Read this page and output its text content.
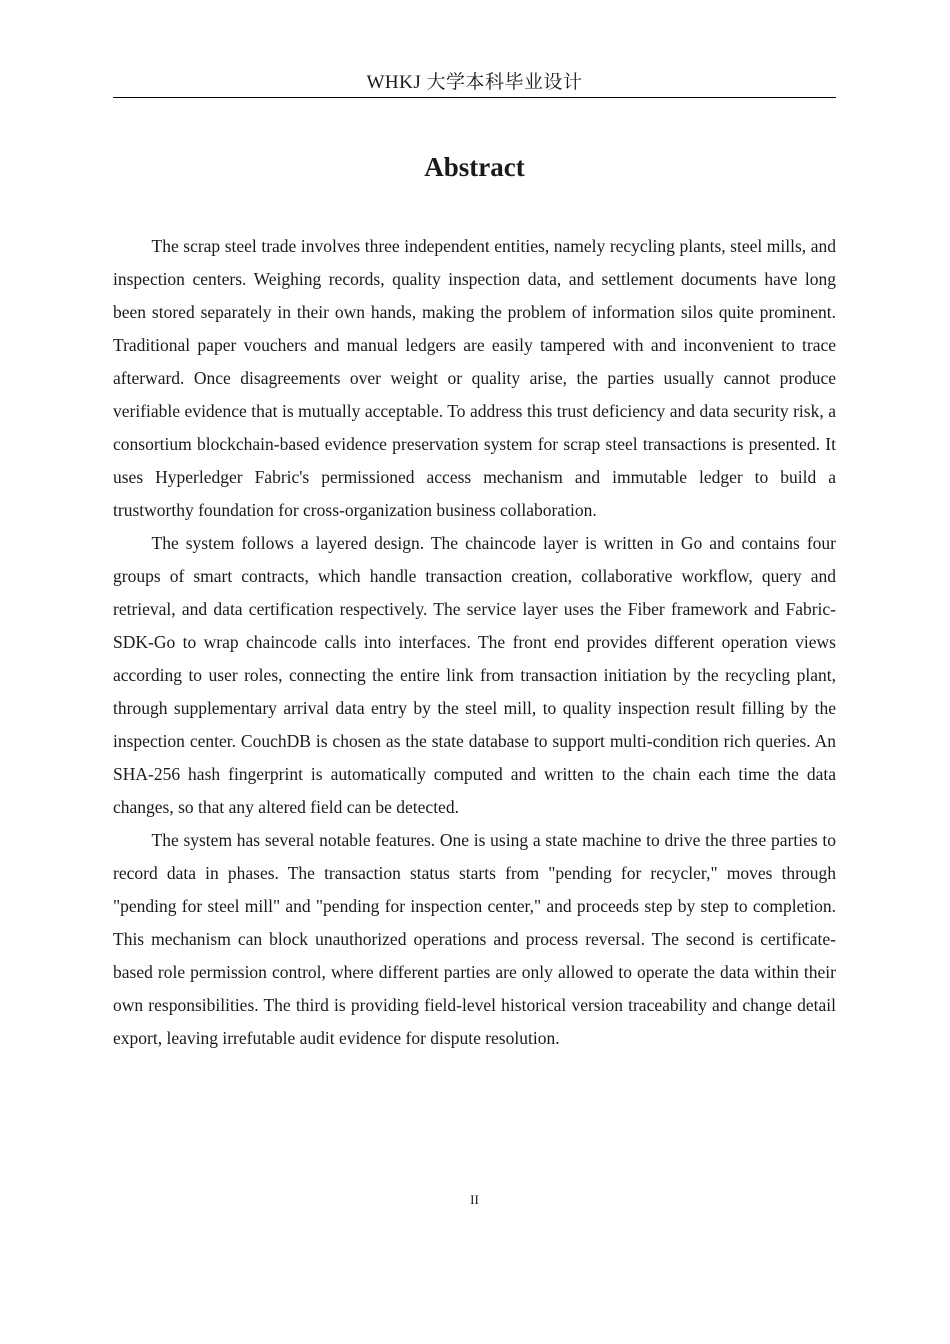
WHKJ 大学本科毕业设计
Abstract

The scrap steel trade involves three independent entities, namely recycling plants, steel mills, and inspection centers. Weighing records, quality inspection data, and settlement documents have long been stored separately in their own hands, making the problem of information silos quite prominent. Traditional paper vouchers and manual ledgers are easily tampered with and inconvenient to trace afterward. Once disagreements over weight or quality arise, the parties usually cannot produce verifiable evidence that is mutually acceptable. To address this trust deficiency and data security risk, a consortium blockchain-based evidence preservation system for scrap steel transactions is presented. It uses Hyperledger Fabric's permissioned access mechanism and immutable ledger to build a trustworthy foundation for cross-organization business collaboration.

The system follows a layered design. The chaincode layer is written in Go and contains four groups of smart contracts, which handle transaction creation, collaborative workflow, query and retrieval, and data certification respectively. The service layer uses the Fiber framework and Fabric-SDK-Go to wrap chaincode calls into interfaces. The front end provides different operation views according to user roles, connecting the entire link from transaction initiation by the recycling plant, through supplementary arrival data entry by the steel mill, to quality inspection result filling by the inspection center. CouchDB is chosen as the state database to support multi-condition rich queries. An SHA-256 hash fingerprint is automatically computed and written to the chain each time the data changes, so that any altered field can be detected.

The system has several notable features. One is using a state machine to drive the three parties to record data in phases. The transaction status starts from "pending for recycler," moves through "pending for steel mill" and "pending for inspection center," and proceeds step by step to completion. This mechanism can block unauthorized operations and process reversal. The second is certificate-based role permission control, where different parties are only allowed to operate the data within their own responsibilities. The third is providing field-level historical version traceability and change detail export, leaving irrefutable audit evidence for dispute resolution.

II
